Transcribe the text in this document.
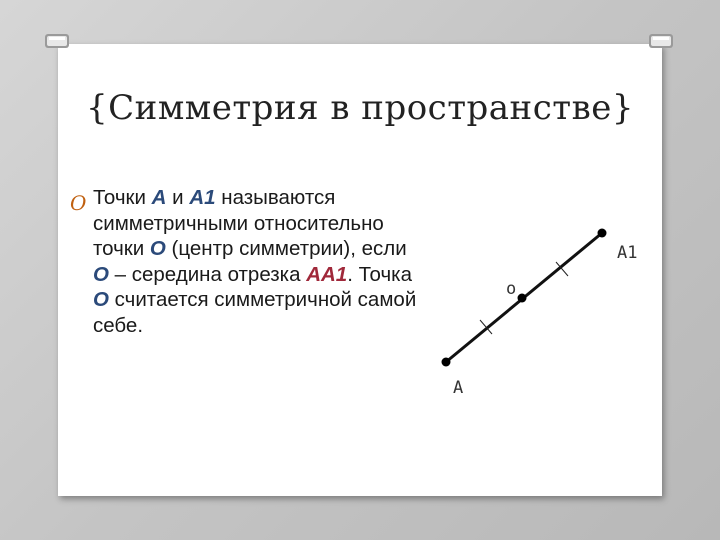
{Симметрия в пространстве}
O Точки А и А1 называются симметричными относительно точки О (центр симметрии), если О – середина отрезка АА1. Точка О считается симметричной самой себе.
A
o
A1
